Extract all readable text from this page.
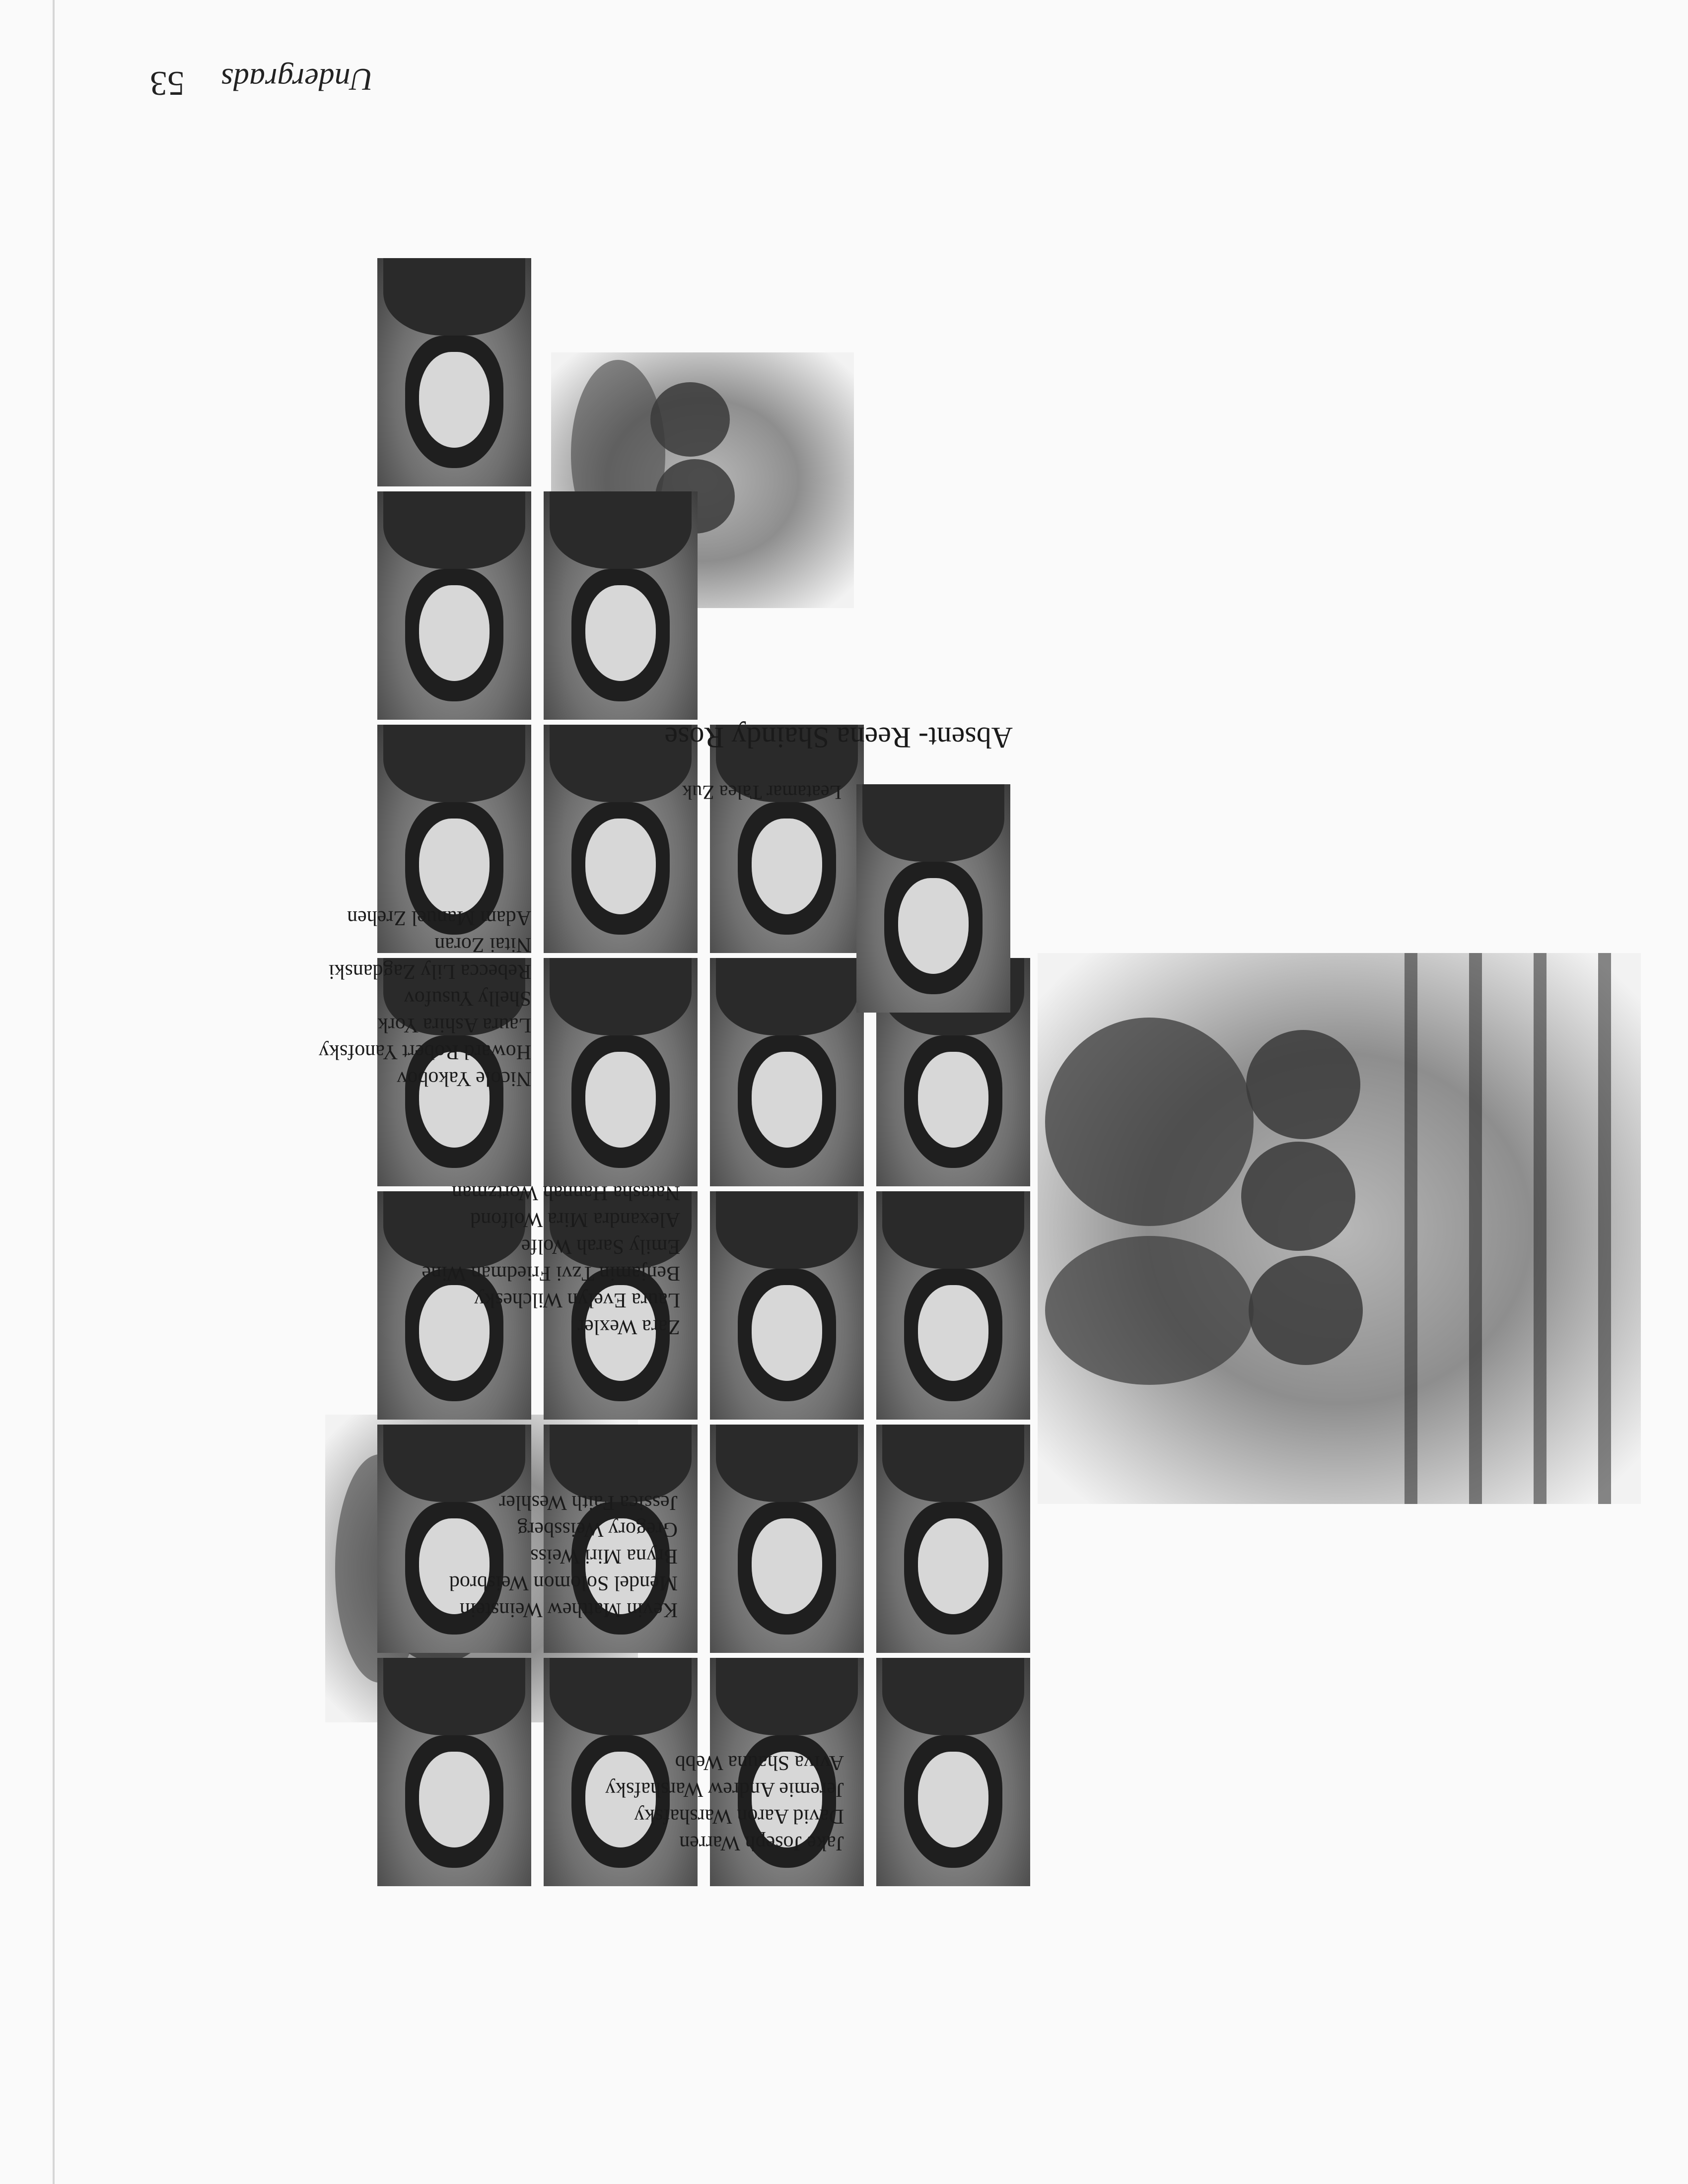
53 Undergrads
Jake Joseph Warren
David Aaron Warshafsky
Jeremie Andrew Warshafsky
Aviva Shauna Webb
Kevin Matthew Weinstein
Mendel Solomon Weisbrod
Bryna Miri Weiss
Gregory Weissberg
Jessica Faith Weshler
Zara Wexler
Laura Evelyn Wilchesky
Benjamin Tzvi Friedman Wine
Emily Sarah Wolfe
Alexandra Mira Wolfond
Natasha Hannah Wortzman
Nicole Yakobov
Howard Robert Yanofsky
Laura Ashira York
Shelly Yusufov
Rebecca Lily Zagdanski
Nitai Zoran
Adam Manuel Zrehen
Leatamar Talea Zuk
Absent- Reena Shaindy Rose
